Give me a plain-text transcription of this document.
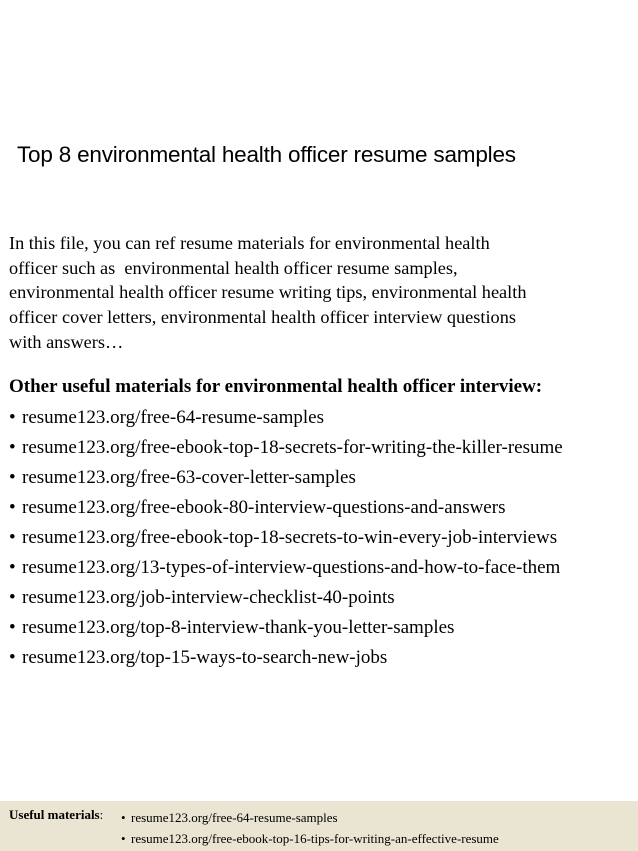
Top 8 environmental health officer resume samples
In this file, you can ref resume materials for environmental health
officer such as  environmental health officer resume samples,
environmental health officer resume writing tips, environmental health
officer cover letters, environmental health officer interview questions
with answers…
Other useful materials for environmental health officer interview:
• resume123.org/free-64-resume-samples
• resume123.org/free-ebook-top-18-secrets-for-writing-the-killer-resume
• resume123.org/free-63-cover-letter-samples
• resume123.org/free-ebook-80-interview-questions-and-answers
• resume123.org/free-ebook-top-18-secrets-to-win-every-job-interviews
• resume123.org/13-types-of-interview-questions-and-how-to-face-them
• resume123.org/job-interview-checklist-40-points
• resume123.org/top-8-interview-thank-you-letter-samples
• resume123.org/top-15-ways-to-search-new-jobs
Useful materials: • resume123.org/free-64-resume-samples
• resume123.org/free-ebook-top-16-tips-for-writing-an-effective-resume
